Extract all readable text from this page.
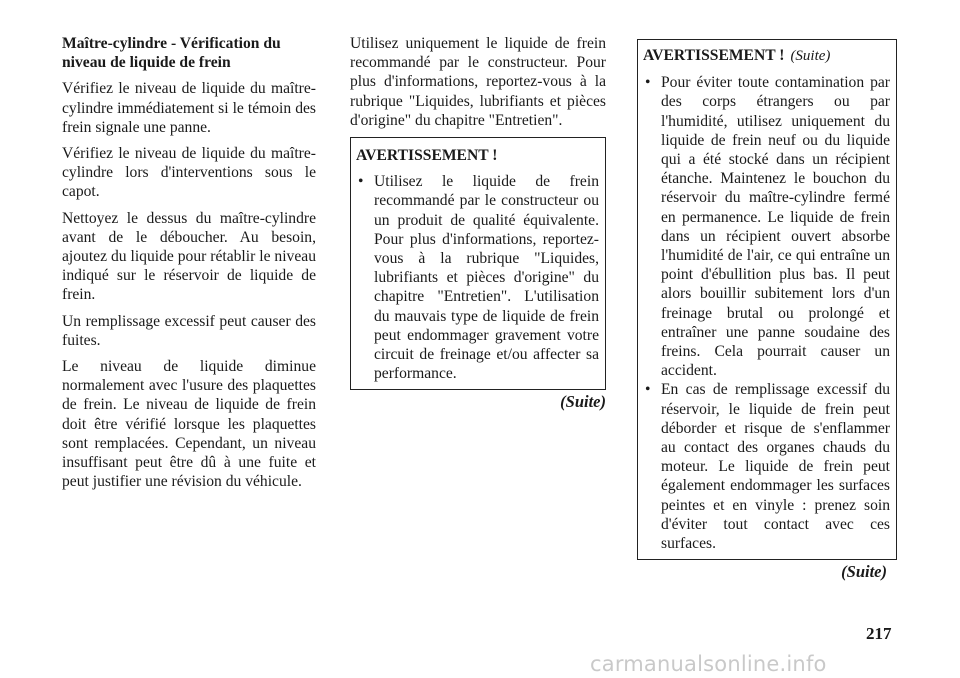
Maître-cylindre - Vérification du
niveau de liquide de frein

Vérifiez le niveau de liquide du maître-cylindre immédiatement si le témoin des frein signale une panne.

Vérifiez le niveau de liquide du maître-cylindre lors d'interventions sous le capot.

Nettoyez le dessus du maître-cylindre avant de le déboucher. Au besoin, ajoutez du liquide pour rétablir le niveau indiqué sur le réservoir de liquide de frein.

Un remplissage excessif peut causer des fuites.

Le niveau de liquide diminue normalement avec l'usure des plaquettes de frein. Le niveau de liquide de frein doit être vérifié lorsque les plaquettes sont remplacées. Cependant, un niveau insuffisant peut être dû à une fuite et peut justifier une révision du véhicule.

Utilisez uniquement le liquide de frein recommandé par le constructeur. Pour plus d'informations, reportez-vous à la rubrique "Liquides, lubrifiants et pièces d'origine" du chapitre "Entretien".

AVERTISSEMENT !

• Utilisez le liquide de frein recommandé par le constructeur ou un produit de qualité équivalente. Pour plus d'informations, reportez-vous à la rubrique "Liquides, lubrifiants et pièces d'origine" du chapitre "Entretien". L'utilisation du mauvais type de liquide de frein peut endommager gravement votre circuit de freinage et/ou affecter sa performance.
(Suite)

AVERTISSEMENT ! (Suite)

• Pour éviter toute contamination par des corps étrangers ou par l'humidité, utilisez uniquement du liquide de frein neuf ou du liquide qui a été stocké dans un récipient étanche. Maintenez le bouchon du réservoir du maître-cylindre fermé en permanence. Le liquide de frein dans un récipient ouvert absorbe l'humidité de l'air, ce qui entraîne un point d'ébullition plus bas. Il peut alors bouillir subitement lors d'un freinage brutal ou prolongé et entraîner une panne soudaine des freins. Cela pourrait causer un accident.
• En cas de remplissage excessif du réservoir, le liquide de frein peut déborder et risque de s'enflammer au contact des organes chauds du moteur. Le liquide de frein peut également endommager les surfaces peintes et en vinyle : prenez soin d'éviter tout contact avec ces surfaces.
(Suite)
217
carmanualsonline.info
